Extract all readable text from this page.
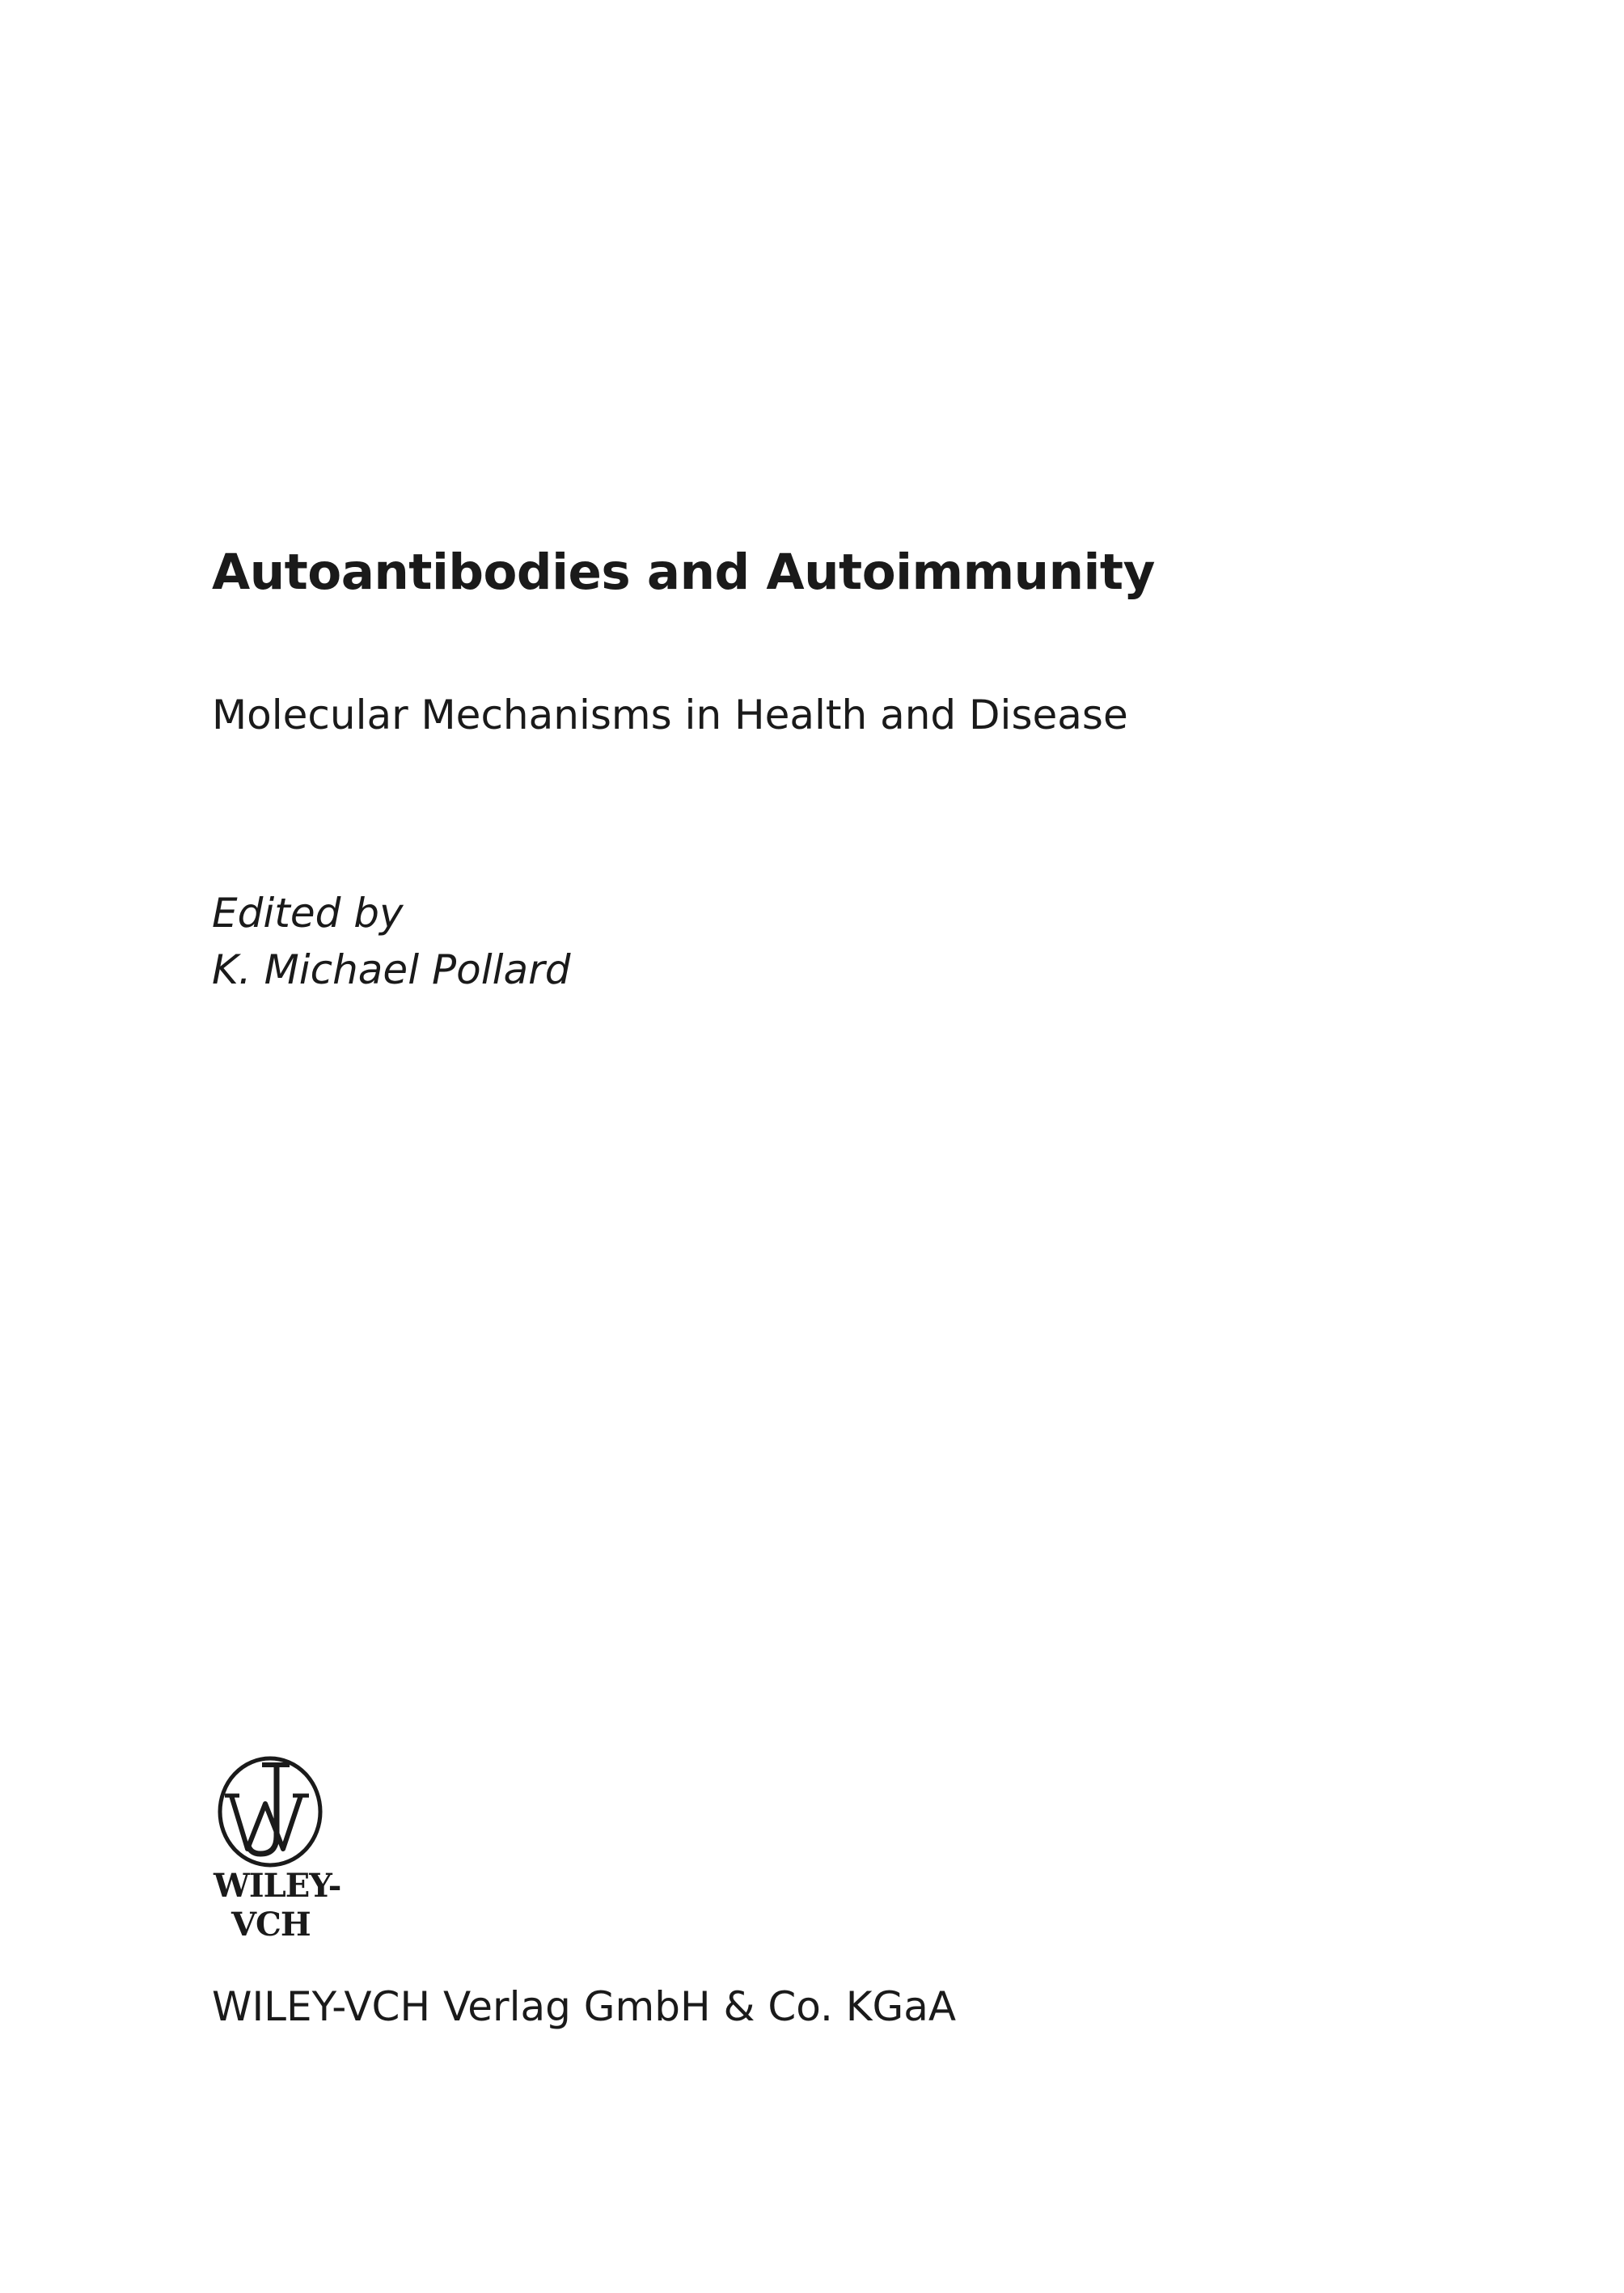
Autoantibodies and Autoimmunity
Molecular Mechanisms in Health and Disease
Edited by
K. Michael Pollard
WILEY-
VCH
WILEY-VCH Verlag GmbH & Co. KGaA
